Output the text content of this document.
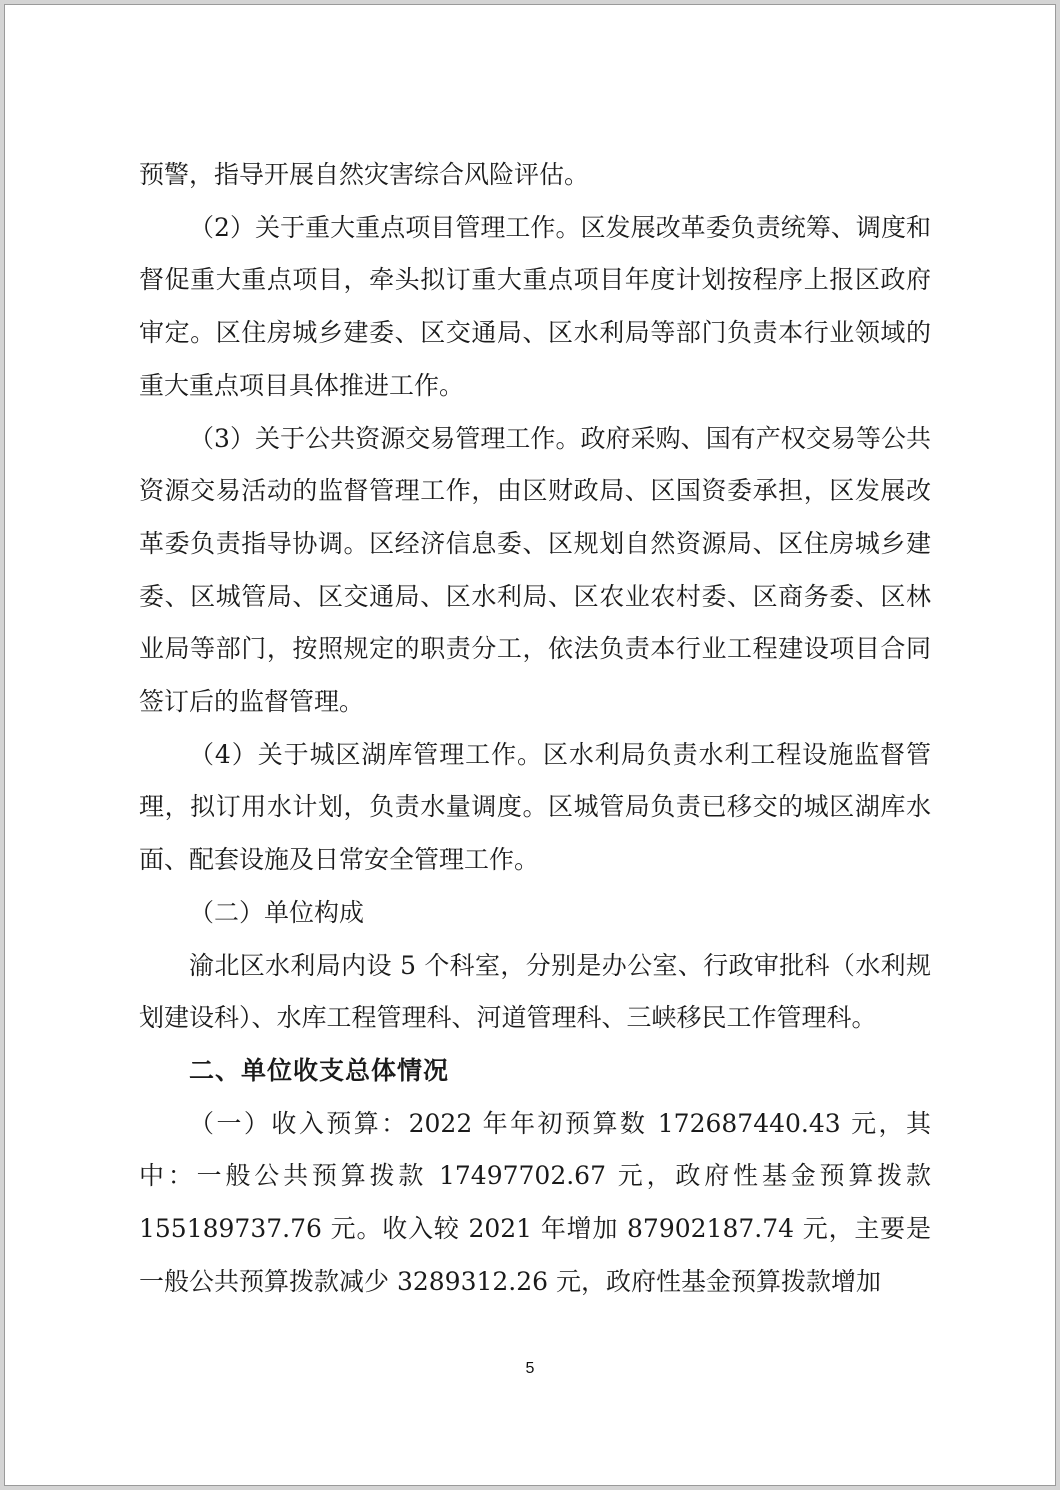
预警，指导开展自然灾害综合风险评估。

（2）关于重大重点项目管理工作。区发展改革委负责统筹、调度和督促重大重点项目，牵头拟订重大重点项目年度计划按程序上报区政府审定。区住房城乡建委、区交通局、区水利局等部门负责本行业领域的重大重点项目具体推进工作。

（3）关于公共资源交易管理工作。政府采购、国有产权交易等公共资源交易活动的监督管理工作，由区财政局、区国资委承担，区发展改革委负责指导协调。区经济信息委、区规划自然资源局、区住房城乡建委、区城管局、区交通局、区水利局、区农业农村委、区商务委、区林业局等部门，按照规定的职责分工，依法负责本行业工程建设项目合同签订后的监督管理。

（4）关于城区湖库管理工作。区水利局负责水利工程设施监督管理，拟订用水计划，负责水量调度。区城管局负责已移交的城区湖库水面、配套设施及日常安全管理工作。

（二）单位构成

渝北区水利局内设 5 个科室，分别是办公室、行政审批科（水利规划建设科）、水库工程管理科、河道管理科、三峡移民工作管理科。

二、单位收支总体情况

（一）收入预算：2022 年年初预算数 172687440.43 元，其中：一般公共预算拨款 17497702.67 元，政府性基金预算拨款 155189737.76 元。收入较 2021 年增加 87902187.74 元，主要是一般公共预算拨款减少 3289312.26 元，政府性基金预算拨款增加

5
